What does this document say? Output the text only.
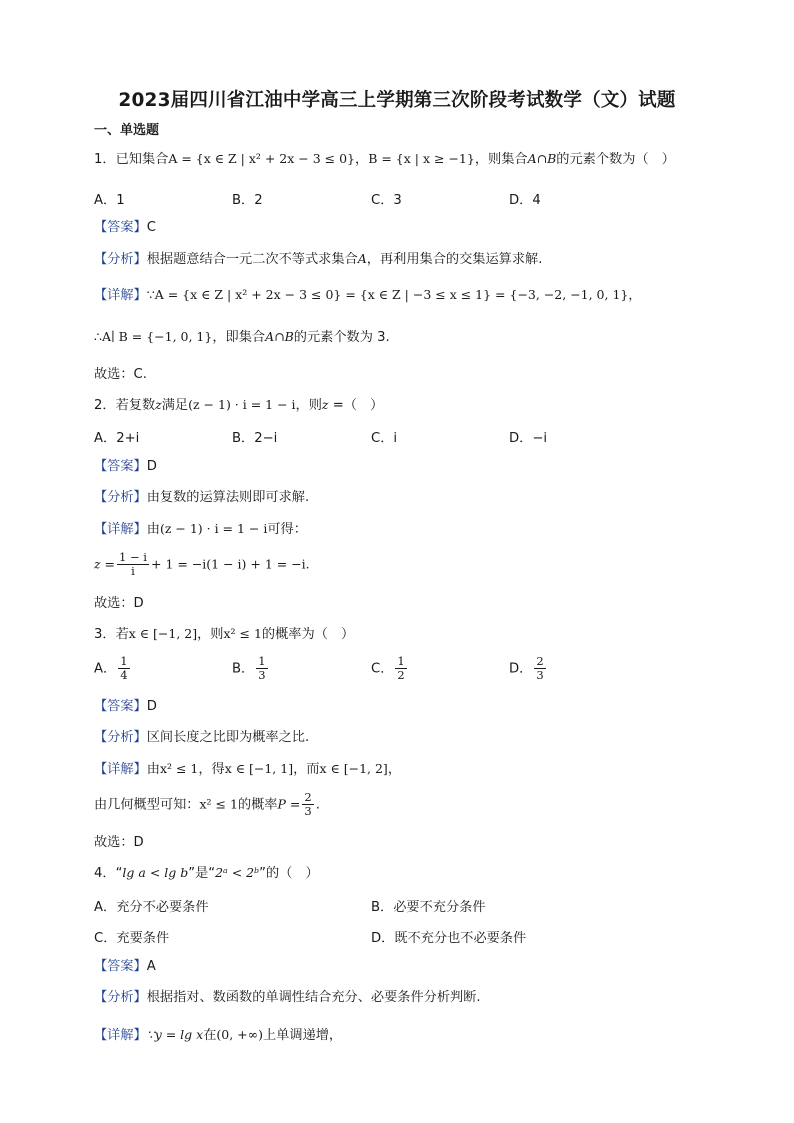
2023届四川省江油中学高三上学期第三次阶段考试数学（文）试题
一、单选题
1．已知集合A = {x ∈ Z | x² + 2x − 3 ≤ 0}，B = {x | x ≥ −1}，则集合A∩B的元素个数为（　）
A．1	B．2	C．3	D．4
【答案】C
【分析】根据题意结合一元二次不等式求集合A，再利用集合的交集运算求解.
【详解】∵A = {x ∈ Z | x² + 2x − 3 ≤ 0} = {x ∈ Z | −3 ≤ x ≤ 1} = {−3, −2, −1, 0, 1}，
∴A∣ B = {−1, 0, 1}，即集合A∩B的元素个数为 3.
故选：C.
2．若复数z满足(z − 1) · i = 1 − i，则z =（　）
A．2+i	B．2−i	C．i	D．−i
【答案】D
【分析】由复数的运算法则即可求解.
【详解】由(z − 1) · i = 1 − i可得：
$z = \frac{1 - i}{i} + 1 = -i(1 - i) + 1 = -i$.
故选：D
3．若x ∈ [−1, 2]，则x² ≤ 1的概率为（　）
A． $\frac{1}{4}$	B． $\frac{1}{3}$	C． $\frac{1}{2}$	D． $\frac{2}{3}$
【答案】D
【分析】区间长度之比即为概率之比.
【详解】由x² ≤ 1，得x ∈ [−1, 1]，而x ∈ [−1, 2]，
由几何概型可知：x² ≤ 1的概率$P = \frac{2}{3}$ .
故选：D
4．“lg a < lg b”是“2ᵃ < 2ᵇ”的（　）
A．充分不必要条件	B．必要不充分条件
C．充要条件	D．既不充分也不必要条件
【答案】A
【分析】根据指对、数函数的单调性结合充分、必要条件分析判断.
【详解】∵y = lg x在(0, +∞)上单调递增，
